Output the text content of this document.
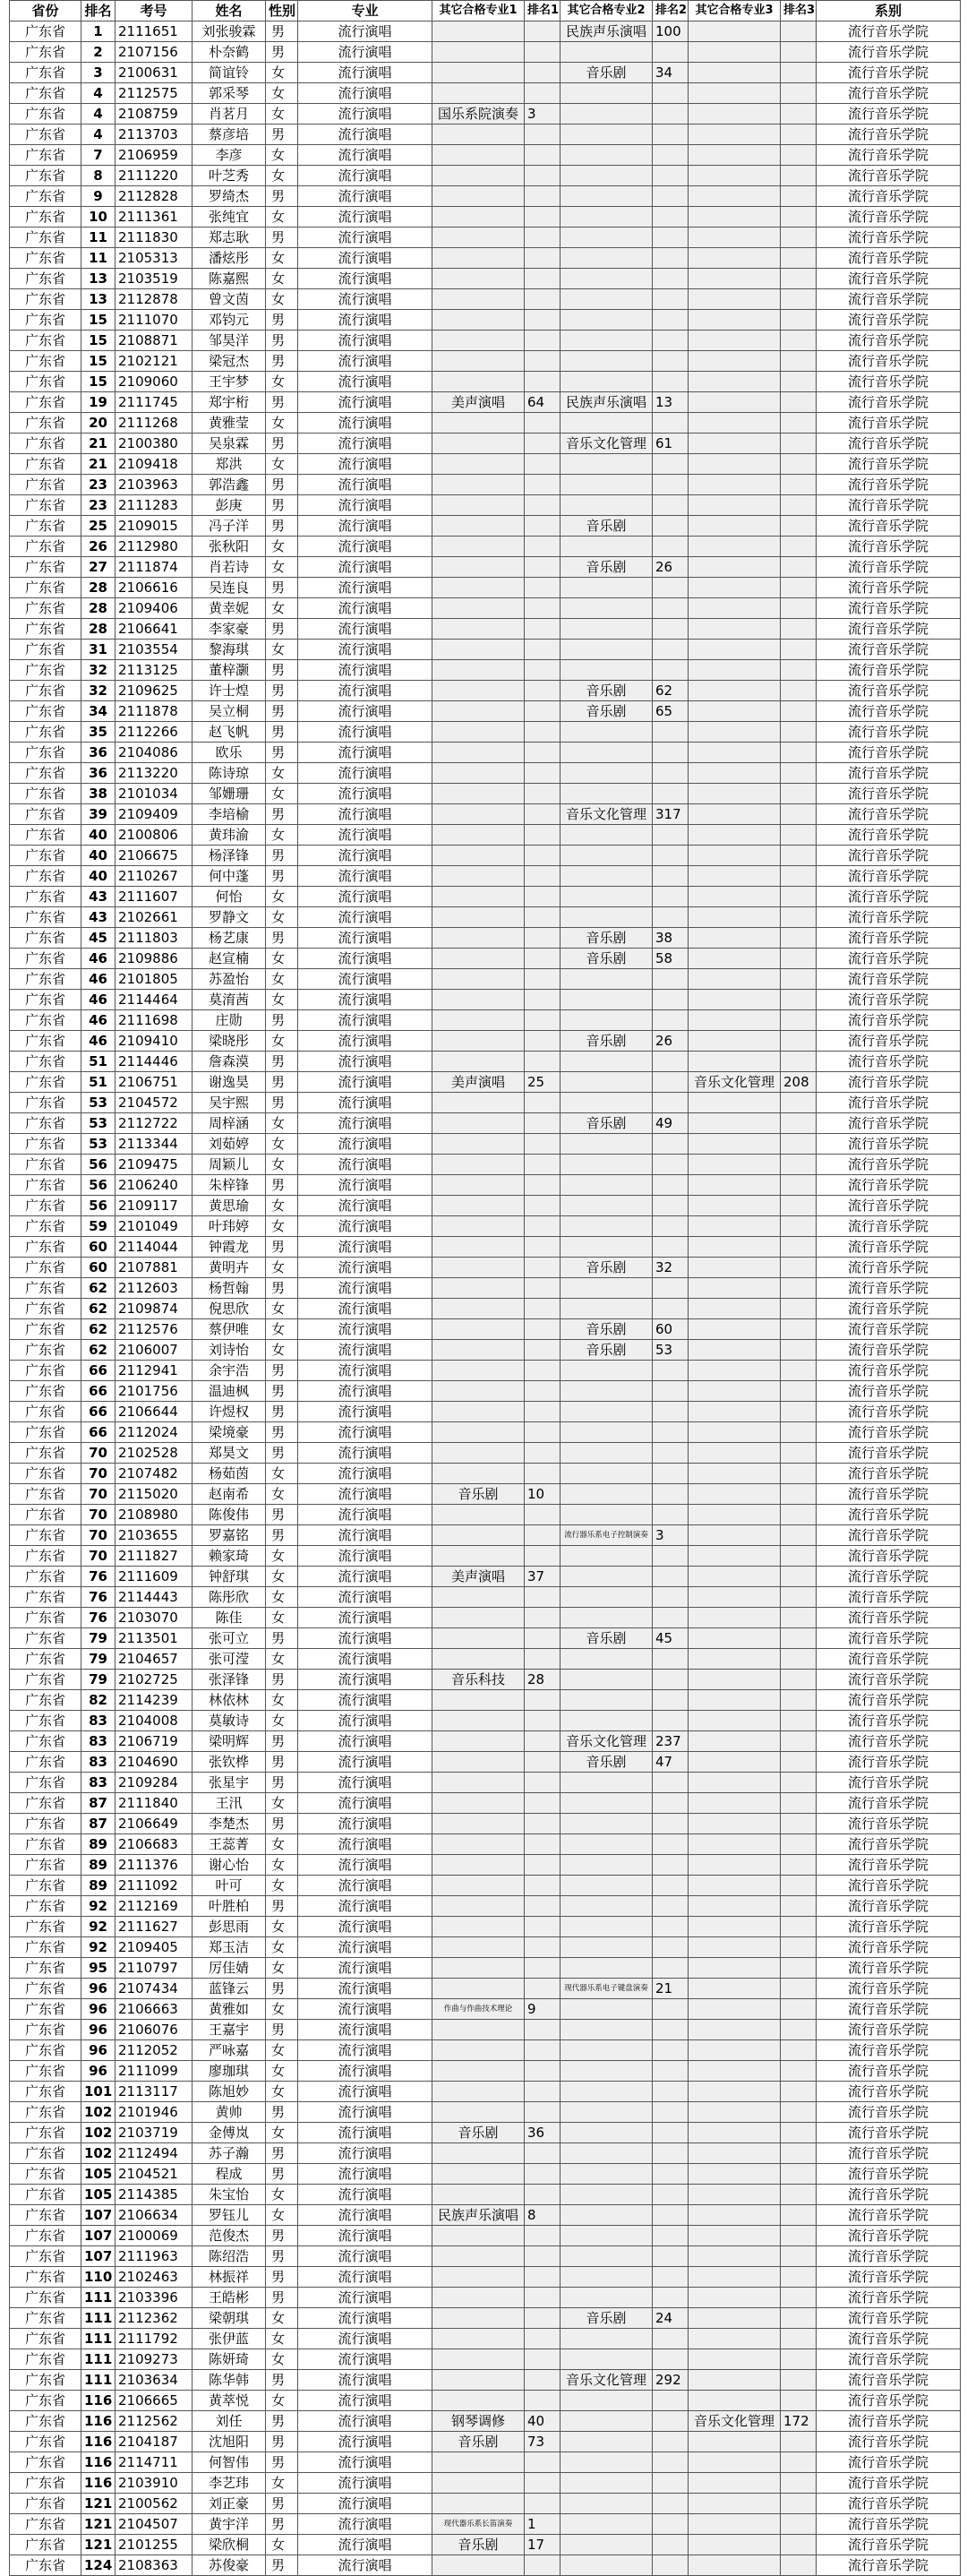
省份	排名	考号	姓名	性别	专业	其它合格专业1	排名1	其它合格专业2	排名2	其它合格专业3	排名3	系别
广东省	1	2111651	刘张骏霖	男	流行演唱			民族声乐演唱	100			流行音乐学院
广东省	2	2107156	朴奈鹤	男	流行演唱							流行音乐学院
广东省	3	2100631	简谊铃	女	流行演唱			音乐剧	34			流行音乐学院
广东省	4	2112575	郭采琴	女	流行演唱							流行音乐学院
广东省	4	2108759	肖茗月	女	流行演唱	国乐系院演奏	3					流行音乐学院
广东省	4	2113703	蔡彦培	男	流行演唱							流行音乐学院
广东省	7	2106959	李彦	女	流行演唱							流行音乐学院
广东省	8	2111220	叶芝秀	女	流行演唱							流行音乐学院
广东省	9	2112828	罗绮杰	男	流行演唱							流行音乐学院
广东省	10	2111361	张纯宜	女	流行演唱							流行音乐学院
广东省	11	2111830	郑志耿	男	流行演唱							流行音乐学院
广东省	11	2105313	潘炫彤	女	流行演唱							流行音乐学院
广东省	13	2103519	陈嘉熙	女	流行演唱							流行音乐学院
广东省	13	2112878	曾文茵	女	流行演唱							流行音乐学院
广东省	15	2111070	邓钧元	男	流行演唱							流行音乐学院
广东省	15	2108871	邹昊洋	男	流行演唱							流行音乐学院
广东省	15	2102121	梁冠杰	男	流行演唱							流行音乐学院
广东省	15	2109060	王宇梦	女	流行演唱							流行音乐学院
广东省	19	2111745	郑宇桁	男	流行演唱	美声演唱	64	民族声乐演唱	13			流行音乐学院
广东省	20	2111268	黄雅莹	女	流行演唱							流行音乐学院
广东省	21	2100380	吴泉霖	男	流行演唱			音乐文化管理	61			流行音乐学院
广东省	21	2109418	郑洪	女	流行演唱							流行音乐学院
广东省	23	2103963	郭浩鑫	男	流行演唱							流行音乐学院
广东省	23	2111283	彭庚	男	流行演唱							流行音乐学院
广东省	25	2109015	冯子洋	男	流行演唱			音乐剧				流行音乐学院
广东省	26	2112980	张秋阳	女	流行演唱							流行音乐学院
广东省	27	2111874	肖若诗	女	流行演唱			音乐剧	26			流行音乐学院
广东省	28	2106616	吴连良	男	流行演唱							流行音乐学院
广东省	28	2109406	黄幸妮	女	流行演唱							流行音乐学院
广东省	28	2106641	李家豪	男	流行演唱							流行音乐学院
广东省	31	2103554	黎海琪	女	流行演唱							流行音乐学院
广东省	32	2113125	董梓灏	男	流行演唱							流行音乐学院
广东省	32	2109625	许士煌	男	流行演唱			音乐剧	62			流行音乐学院
广东省	34	2111878	吴立桐	男	流行演唱			音乐剧	65			流行音乐学院
广东省	35	2112266	赵飞帆	男	流行演唱							流行音乐学院
广东省	36	2104086	欧乐	男	流行演唱							流行音乐学院
广东省	36	2113220	陈诗琼	女	流行演唱							流行音乐学院
广东省	38	2101034	邹姗珊	女	流行演唱							流行音乐学院
广东省	39	2109409	李培榆	男	流行演唱			音乐文化管理	317			流行音乐学院
广东省	40	2100806	黄玮渝	女	流行演唱							流行音乐学院
广东省	40	2106675	杨泽锋	男	流行演唱							流行音乐学院
广东省	40	2110267	何中蓬	男	流行演唱							流行音乐学院
广东省	43	2111607	何怡	女	流行演唱							流行音乐学院
广东省	43	2102661	罗静文	女	流行演唱							流行音乐学院
广东省	45	2111803	杨艺康	男	流行演唱			音乐剧	38			流行音乐学院
广东省	46	2109886	赵宣楠	女	流行演唱			音乐剧	58			流行音乐学院
广东省	46	2101805	苏盈怡	女	流行演唱							流行音乐学院
广东省	46	2114464	莫淯茜	女	流行演唱							流行音乐学院
广东省	46	2111698	庄勋	男	流行演唱							流行音乐学院
广东省	46	2109410	梁晓彤	女	流行演唱			音乐剧	26			流行音乐学院
广东省	51	2114446	詹森漠	男	流行演唱							流行音乐学院
广东省	51	2106751	谢逸昊	男	流行演唱	美声演唱	25			音乐文化管理	208	流行音乐学院
广东省	53	2104572	吴宇熙	男	流行演唱							流行音乐学院
广东省	53	2112722	周梓涵	女	流行演唱			音乐剧	49			流行音乐学院
广东省	53	2113344	刘茹婷	女	流行演唱							流行音乐学院
广东省	56	2109475	周颖儿	女	流行演唱							流行音乐学院
广东省	56	2106240	朱梓锋	男	流行演唱							流行音乐学院
广东省	56	2109117	黄思瑜	女	流行演唱							流行音乐学院
广东省	59	2101049	叶玮婷	女	流行演唱							流行音乐学院
广东省	60	2114044	钟霞龙	男	流行演唱							流行音乐学院
广东省	60	2107881	黄明卉	女	流行演唱			音乐剧	32			流行音乐学院
广东省	62	2112603	杨哲翰	男	流行演唱							流行音乐学院
广东省	62	2109874	倪思欣	女	流行演唱							流行音乐学院
广东省	62	2112576	蔡伊唯	女	流行演唱			音乐剧	60			流行音乐学院
广东省	62	2106007	刘诗怡	女	流行演唱			音乐剧	53			流行音乐学院
广东省	66	2112941	余宇浩	男	流行演唱							流行音乐学院
广东省	66	2101756	温迪枫	男	流行演唱							流行音乐学院
广东省	66	2106644	许煜权	男	流行演唱							流行音乐学院
广东省	66	2112024	梁境豪	男	流行演唱							流行音乐学院
广东省	70	2102528	郑昊文	男	流行演唱							流行音乐学院
广东省	70	2107482	杨茹茵	女	流行演唱							流行音乐学院
广东省	70	2115020	赵南希	女	流行演唱	音乐剧	10					流行音乐学院
广东省	70	2108980	陈俊伟	男	流行演唱							流行音乐学院
广东省	70	2103655	罗嘉铭	男	流行演唱			流行器乐系电子控制演奏	3			流行音乐学院
广东省	70	2111827	赖家琦	女	流行演唱							流行音乐学院
广东省	76	2111609	钟舒琪	女	流行演唱	美声演唱	37					流行音乐学院
广东省	76	2114443	陈彤欣	女	流行演唱							流行音乐学院
广东省	76	2103070	陈佳	女	流行演唱							流行音乐学院
广东省	79	2113501	张可立	男	流行演唱			音乐剧	45			流行音乐学院
广东省	79	2104657	张可滢	女	流行演唱							流行音乐学院
广东省	79	2102725	张泽锋	男	流行演唱	音乐科技	28					流行音乐学院
广东省	82	2114239	林依林	女	流行演唱							流行音乐学院
广东省	83	2104008	莫敏诗	女	流行演唱							流行音乐学院
广东省	83	2106719	梁明辉	男	流行演唱			音乐文化管理	237			流行音乐学院
广东省	83	2104690	张钦桦	男	流行演唱			音乐剧	47			流行音乐学院
广东省	83	2109284	张星宇	男	流行演唱							流行音乐学院
广东省	87	2111840	王汛	女	流行演唱							流行音乐学院
广东省	87	2106649	李楚杰	男	流行演唱							流行音乐学院
广东省	89	2106683	王蕊菁	女	流行演唱							流行音乐学院
广东省	89	2111376	谢心怡	女	流行演唱							流行音乐学院
广东省	89	2111092	叶可	女	流行演唱							流行音乐学院
广东省	92	2112169	叶胜柏	男	流行演唱							流行音乐学院
广东省	92	2111627	彭思雨	女	流行演唱							流行音乐学院
广东省	92	2109405	郑玉洁	女	流行演唱							流行音乐学院
广东省	95	2110797	厉佳婧	女	流行演唱							流行音乐学院
广东省	96	2107434	蓝锋云	男	流行演唱			现代器乐系电子键盘演奏	21			流行音乐学院
广东省	96	2106663	黄雅如	女	流行演唱	作曲与作曲技术理论	9					流行音乐学院
广东省	96	2106076	王嘉宇	男	流行演唱							流行音乐学院
广东省	96	2112052	严咏嘉	女	流行演唱							流行音乐学院
广东省	96	2111099	廖珈琪	女	流行演唱							流行音乐学院
广东省	101	2113117	陈旭妙	女	流行演唱							流行音乐学院
广东省	102	2101946	黄帅	男	流行演唱							流行音乐学院
广东省	102	2103719	金傅岚	女	流行演唱	音乐剧	36					流行音乐学院
广东省	102	2112494	苏子瀚	男	流行演唱							流行音乐学院
广东省	105	2104521	程成	男	流行演唱							流行音乐学院
广东省	105	2114385	朱宝怡	女	流行演唱							流行音乐学院
广东省	107	2106634	罗钰儿	女	流行演唱	民族声乐演唱	8					流行音乐学院
广东省	107	2100069	范俊杰	男	流行演唱							流行音乐学院
广东省	107	2111963	陈绍浩	男	流行演唱							流行音乐学院
广东省	110	2102463	林振祥	男	流行演唱							流行音乐学院
广东省	111	2103396	王皓彬	男	流行演唱							流行音乐学院
广东省	111	2112362	梁朝琪	女	流行演唱			音乐剧	24			流行音乐学院
广东省	111	2111792	张伊蓝	女	流行演唱							流行音乐学院
广东省	111	2109273	陈妍琦	女	流行演唱							流行音乐学院
广东省	111	2103634	陈华韩	男	流行演唱			音乐文化管理	292			流行音乐学院
广东省	116	2106665	黄萃悦	女	流行演唱							流行音乐学院
广东省	116	2112562	刘任	男	流行演唱	钢琴调修	40			音乐文化管理	172	流行音乐学院
广东省	116	2104187	沈旭阳	男	流行演唱	音乐剧	73					流行音乐学院
广东省	116	2114711	何智伟	男	流行演唱							流行音乐学院
广东省	116	2103910	李艺玮	女	流行演唱							流行音乐学院
广东省	121	2100562	刘正豪	男	流行演唱							流行音乐学院
广东省	121	2104507	黄宇洋	男	流行演唱	现代器乐系长笛演奏	1					流行音乐学院
广东省	121	2101255	梁欣桐	女	流行演唱	音乐剧	17					流行音乐学院
广东省	124	2108363	苏俊豪	男	流行演唱							流行音乐学院
